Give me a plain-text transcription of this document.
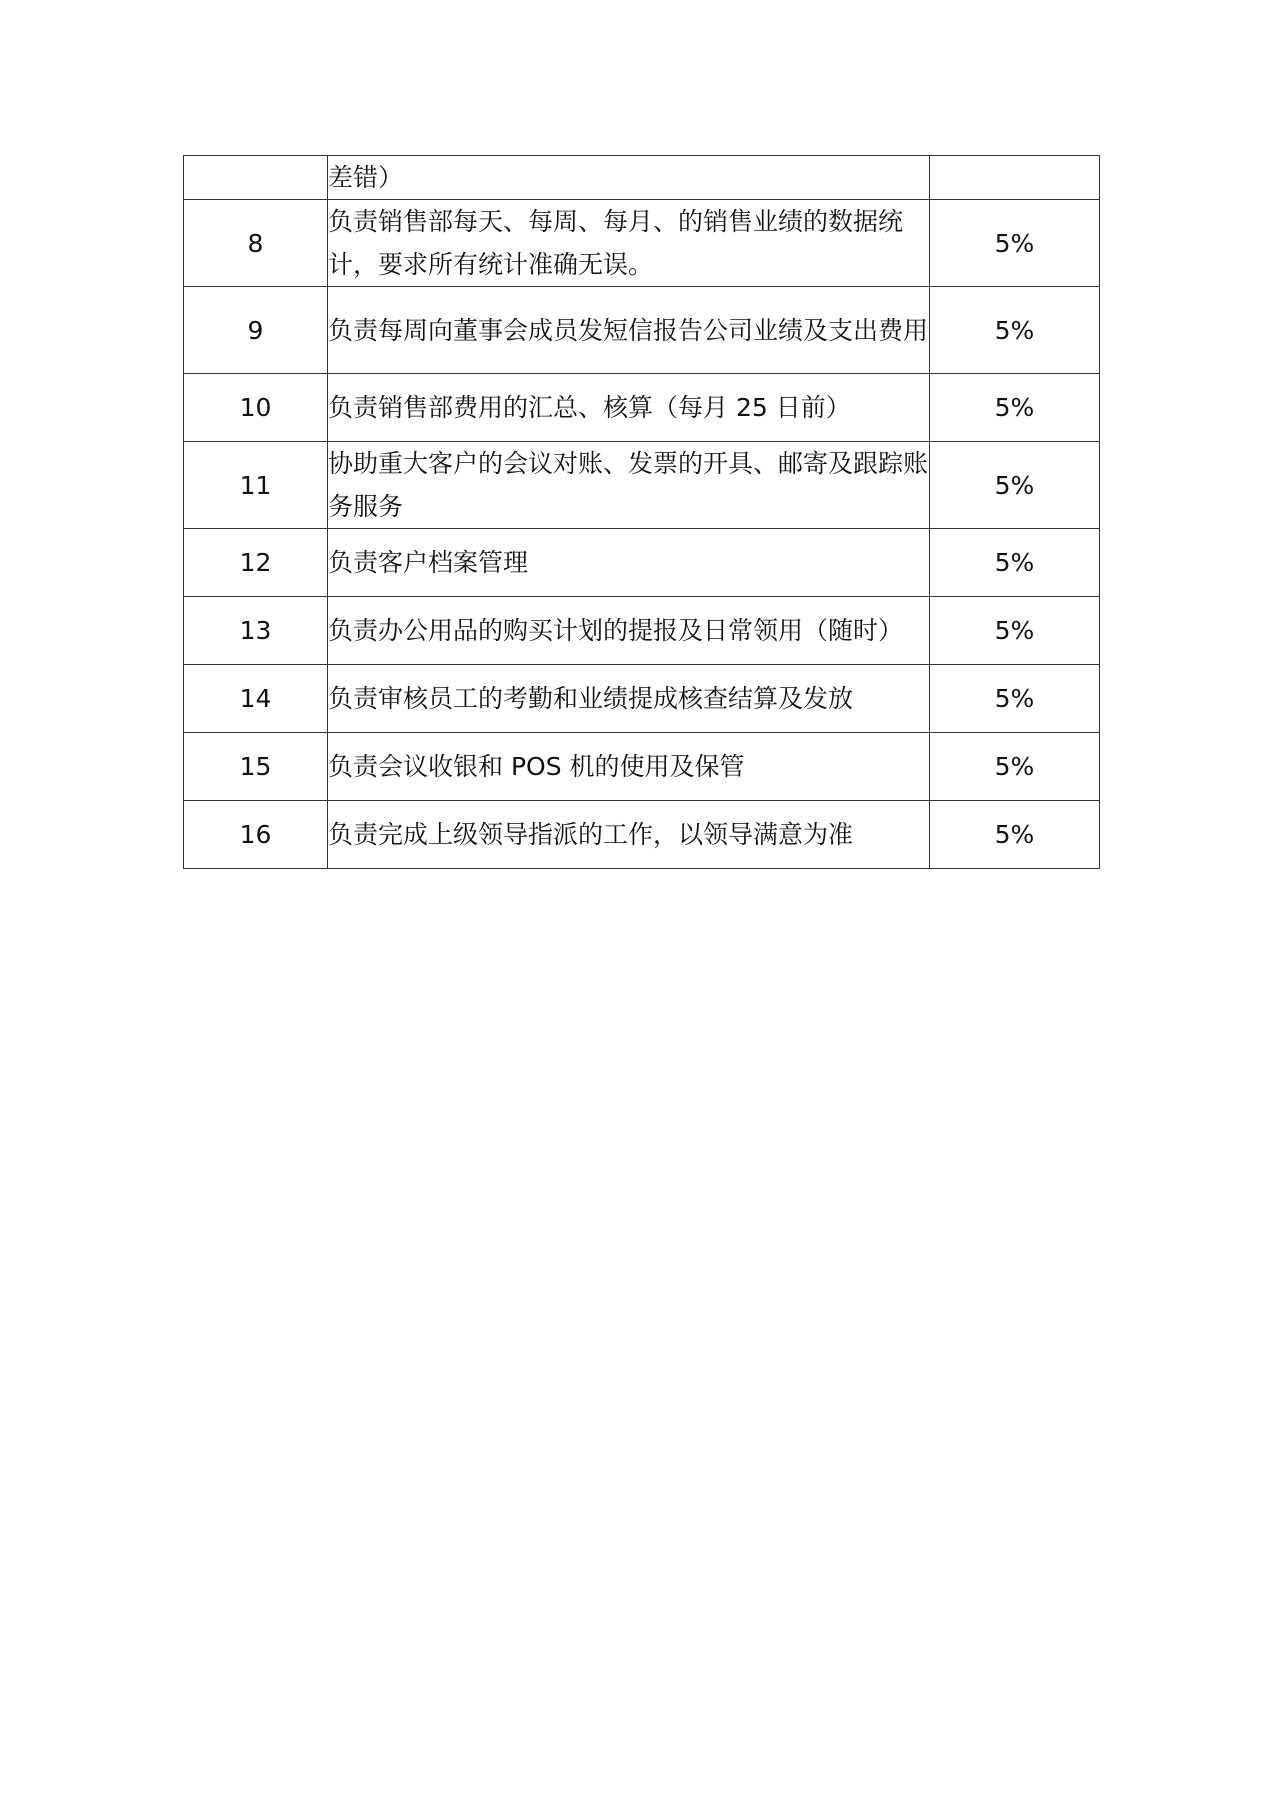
	差错）	
8	负责销售部每天、每周、每月、的销售业绩的数据统计，要求所有统计准确无误。	5%
9	负责每周向董事会成员发短信报告公司业绩及支出费用	5%
10	负责销售部费用的汇总、核算（每月 25 日前）	5%
11	协助重大客户的会议对账、发票的开具、邮寄及跟踪账务服务	5%
12	负责客户档案管理	5%
13	负责办公用品的购买计划的提报及日常领用（随时）	5%
14	负责审核员工的考勤和业绩提成核查结算及发放	5%
15	负责会议收银和 POS 机的使用及保管	5%
16	负责完成上级领导指派的工作，以领导满意为准	5%
